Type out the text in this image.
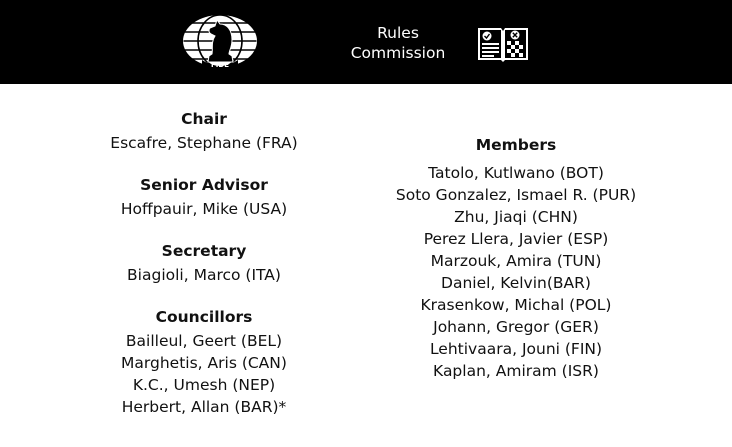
FIDE
Rules
Commission
Chair
Escafre, Stephane (FRA)
Senior Advisor
Hoffpauir, Mike (USA)
Secretary
Biagioli, Marco (ITA)
Councillors
Bailleul, Geert (BEL)
Marghetis, Aris (CAN)
K.C., Umesh (NEP)
Herbert, Allan (BAR)*
Members
Tatolo, Kutlwano (BOT)
Soto Gonzalez, Ismael R. (PUR)
Zhu, Jiaqi (CHN)
Perez Llera, Javier (ESP)
Marzouk, Amira (TUN)
Daniel, Kelvin(BAR)
Krasenkow, Michal (POL)
Johann, Gregor (GER)
Lehtivaara, Jouni (FIN)
Kaplan, Amiram (ISR)
